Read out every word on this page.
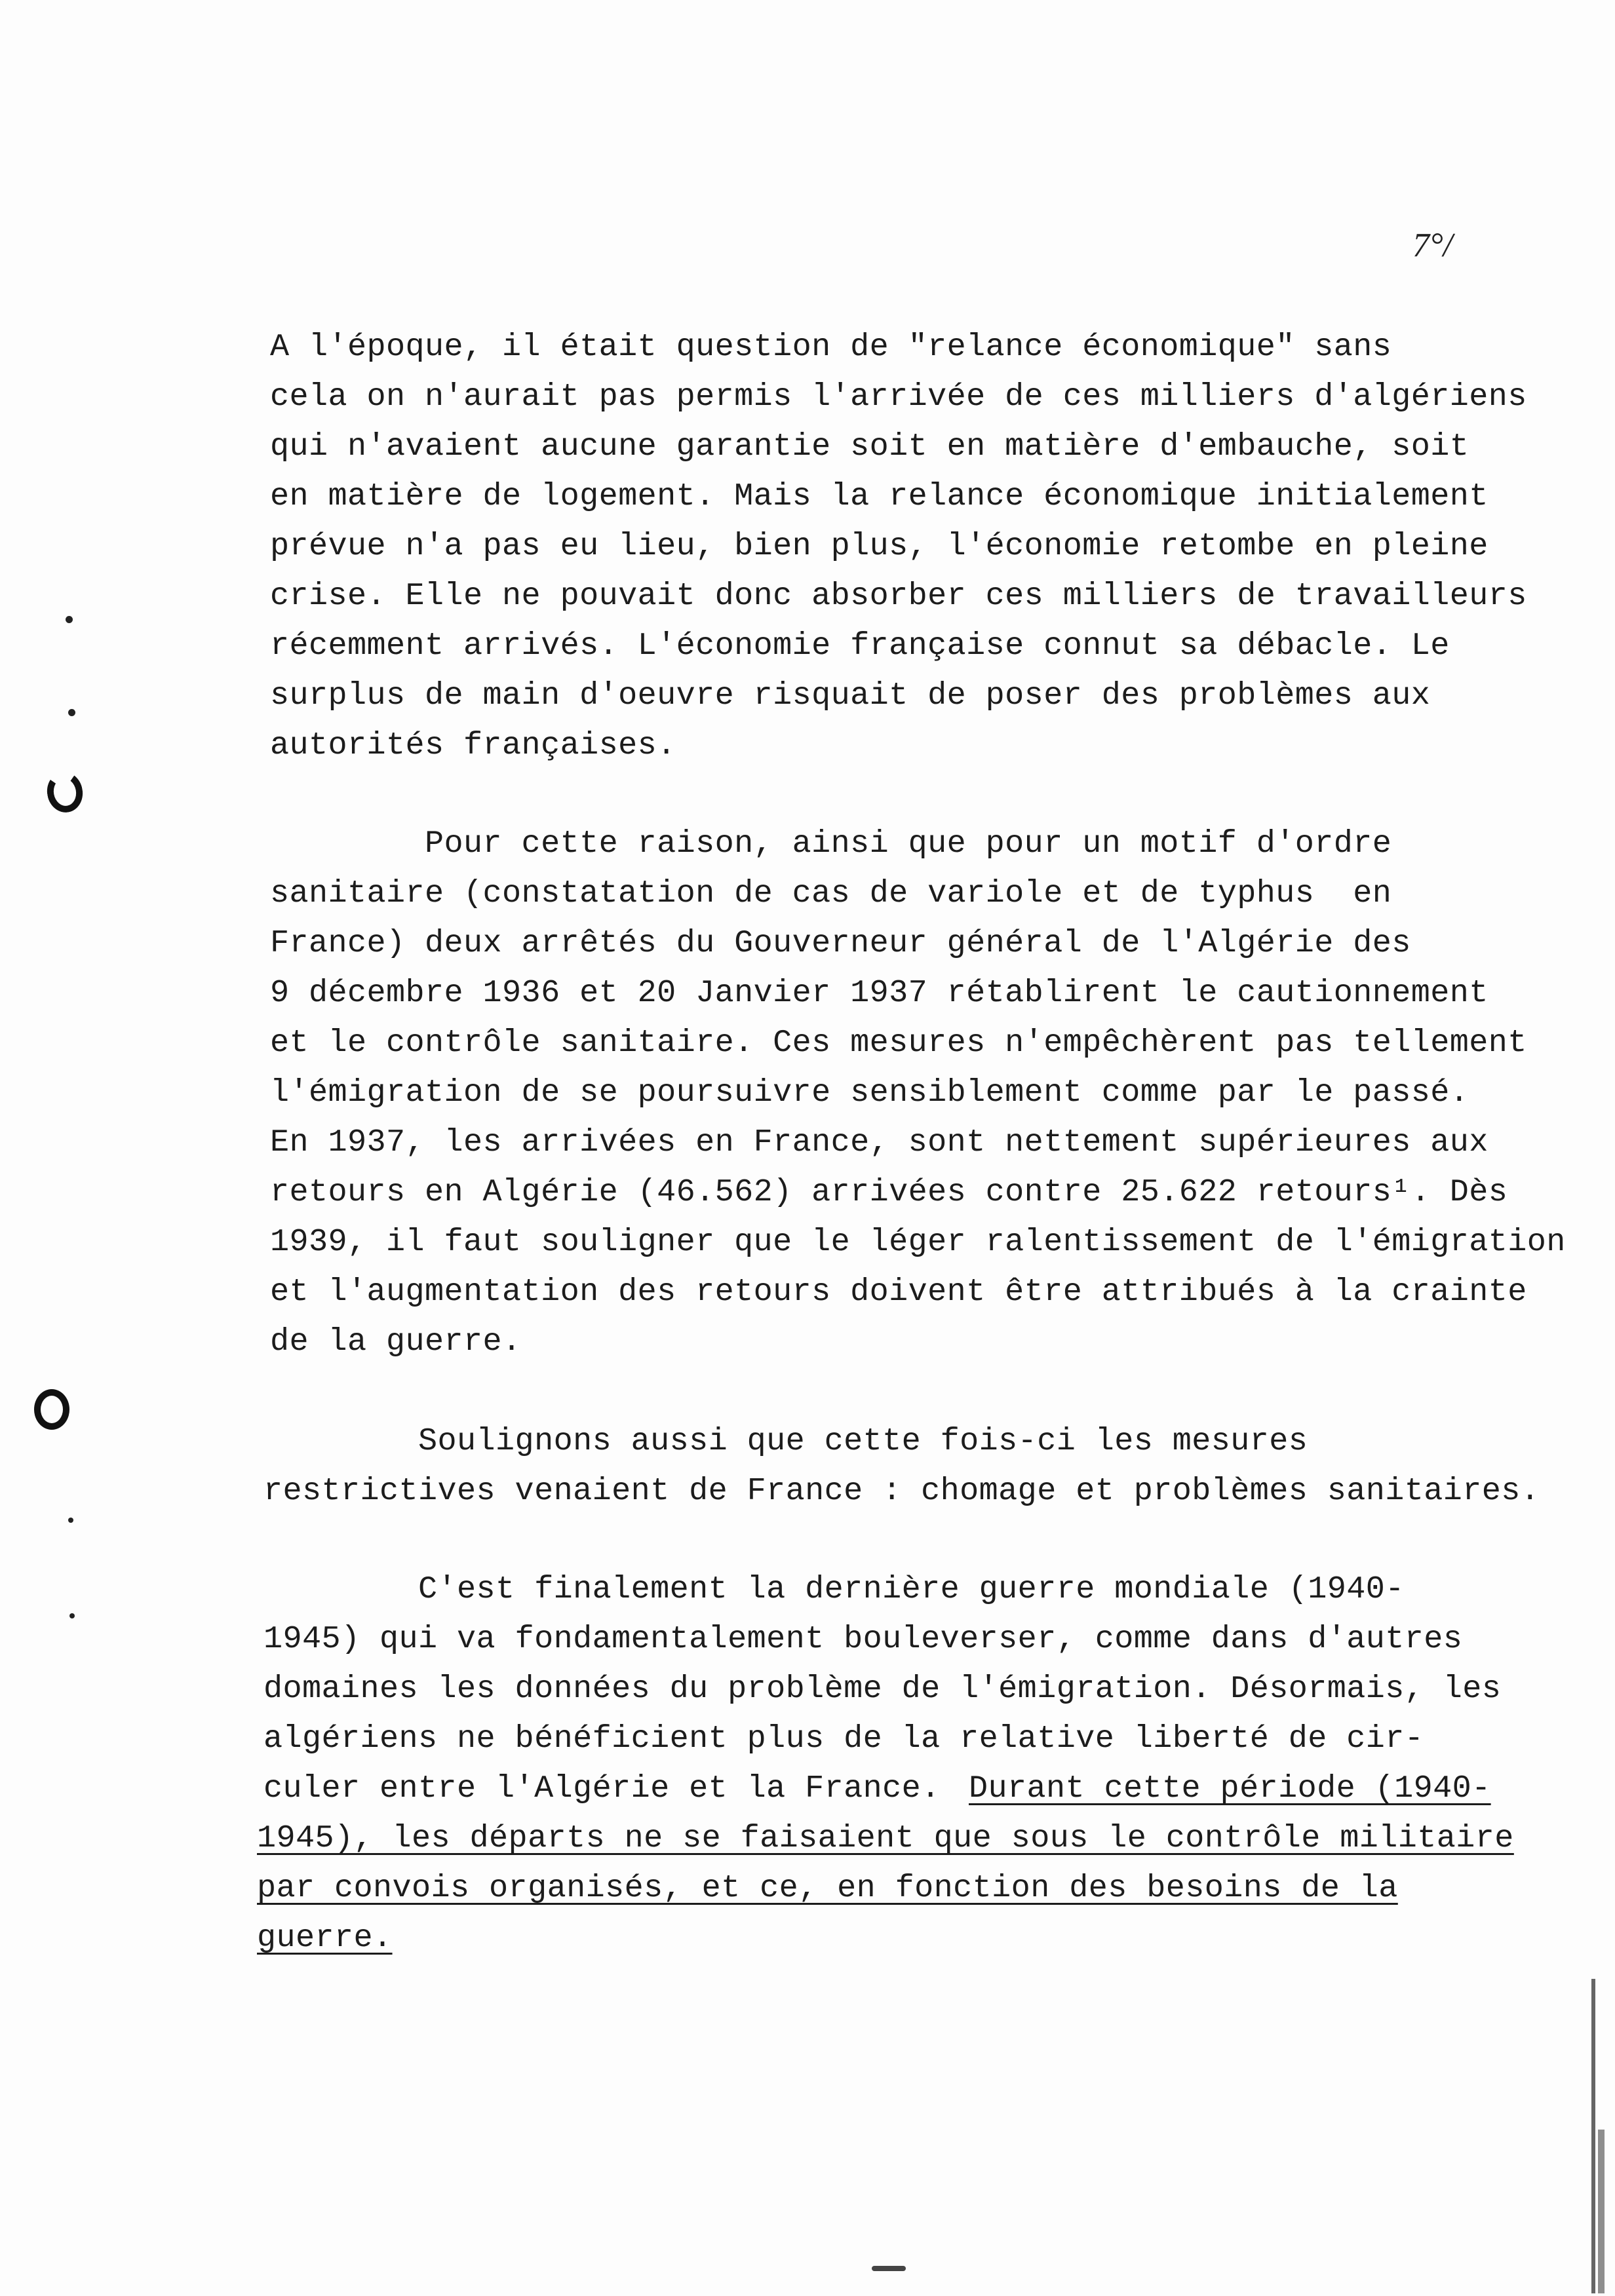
7°/
A l'époque, il était question de "relance économique" sans
cela on n'aurait pas permis l'arrivée de ces milliers d'algériens
qui n'avaient aucune garantie soit en matière d'embauche, soit
en matière de logement. Mais la relance économique initialement
prévue n'a pas eu lieu, bien plus, l'économie retombe en pleine
crise. Elle ne pouvait donc absorber ces milliers de travailleurs
récemment arrivés. L'économie française connut sa débacle. Le
surplus de main d'oeuvre risquait de poser des problèmes aux
autorités françaises.
Pour cette raison, ainsi que pour un motif d'ordre
sanitaire (constatation de cas de variole et de typhus  en
France) deux arrêtés du Gouverneur général de l'Algérie des
9 décembre 1936 et 20 Janvier 1937 rétablirent le cautionnement
et le contrôle sanitaire. Ces mesures n'empêchèrent pas tellement
l'émigration de se poursuivre sensiblement comme par le passé.
En 1937, les arrivées en France, sont nettement supérieures aux
retours en Algérie (46.562) arrivées contre 25.622 retours¹. Dès
1939, il faut souligner que le léger ralentissement de l'émigration
et l'augmentation des retours doivent être attribués à la crainte
de la guerre.
Soulignons aussi que cette fois-ci les mesures
restrictives venaient de France : chomage et problèmes sanitaires.
C'est finalement la dernière guerre mondiale (1940-
1945) qui va fondamentalement bouleverser, comme dans d'autres
domaines les données du problème de l'émigration. Désormais, les
algériens ne bénéficient plus de la relative liberté de cir-
culer entre l'Algérie et la France. Durant cette période (1940-
1945), les départs ne se faisaient que sous le contrôle militaire
par convois organisés, et ce, en fonction des besoins de la
guerre.
